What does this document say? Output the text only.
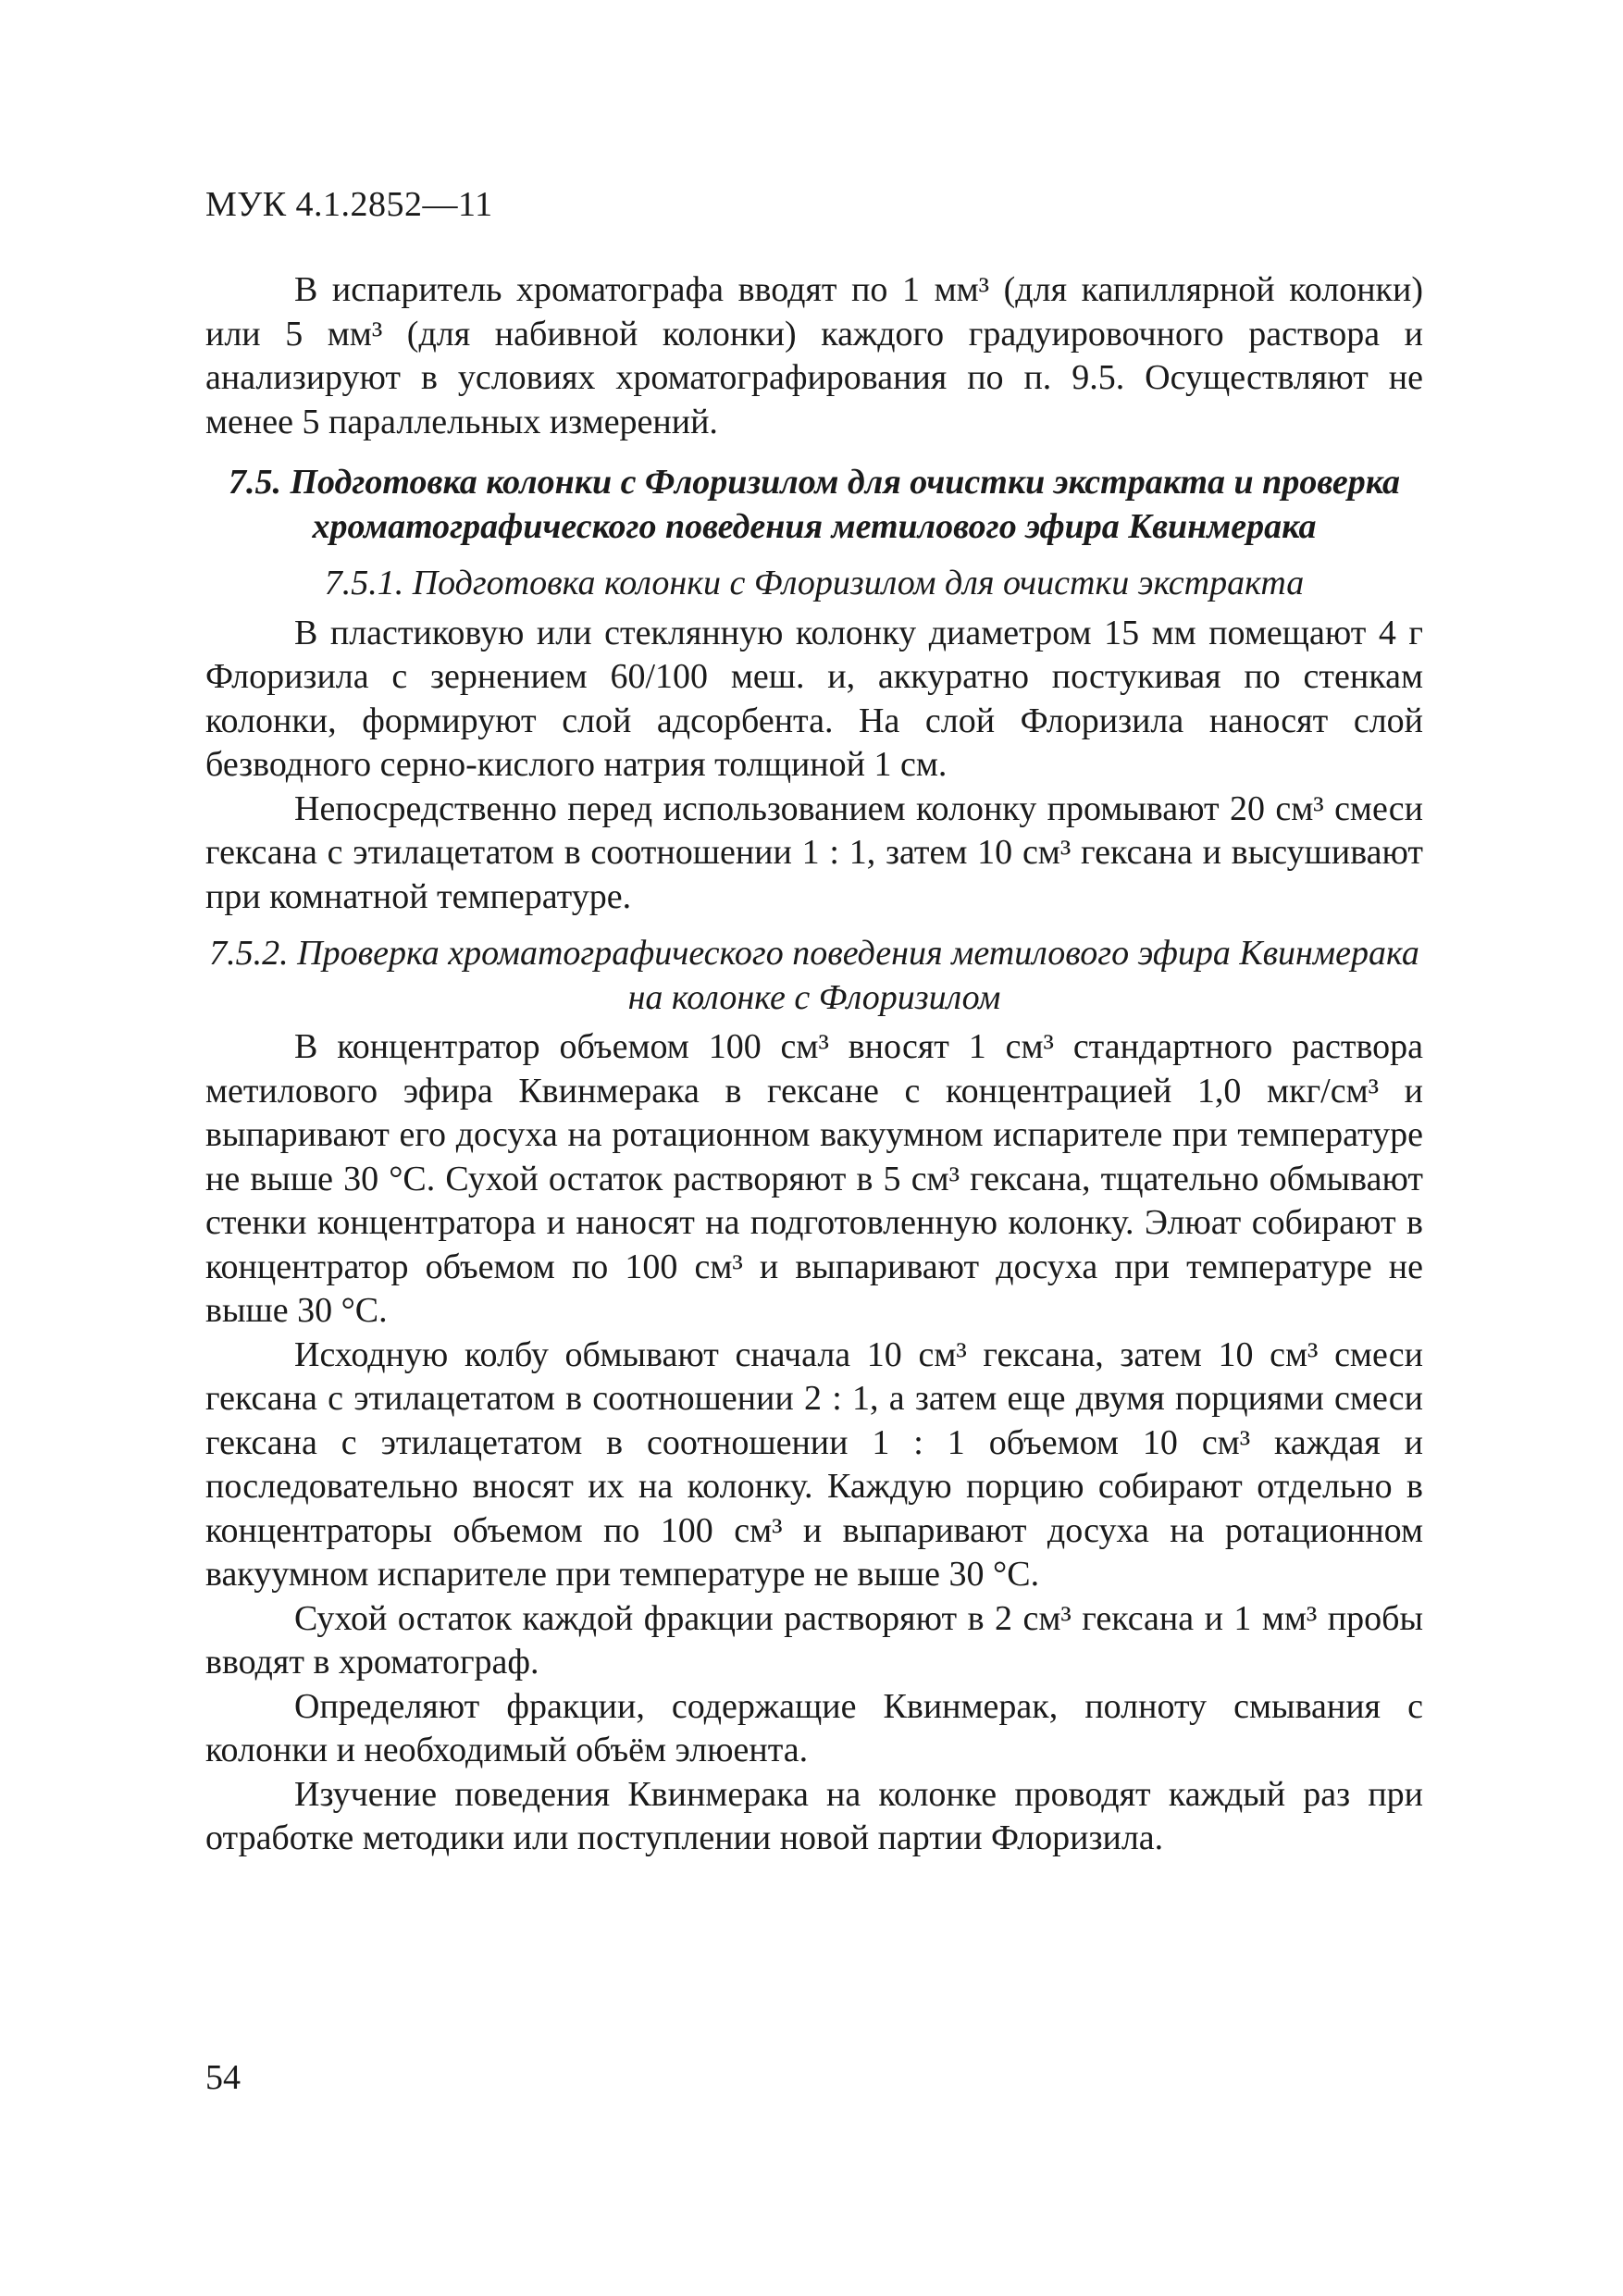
МУК 4.1.2852—11

В испаритель хроматографа вводят по 1 мм³ (для капиллярной колонки) или 5 мм³ (для набивной колонки) каждого градуировочного раствора и анализируют в условиях хроматографирования по п. 9.5. Осуществляют не менее 5 параллельных измерений.

7.5. Подготовка колонки с Флоризилом для очистки экстракта и проверка хроматографического поведения метилового эфира Квинмерака
7.5.1. Подготовка колонки с Флоризилом для очистки экстракта

В пластиковую или стеклянную колонку диаметром 15 мм помещают 4 г Флоризила с зернением 60/100 меш. и, аккуратно постукивая по стенкам колонки, формируют слой адсорбента. На слой Флоризила наносят слой безводного серно-кислого натрия толщиной 1 см.

Непосредственно перед использованием колонку промывают 20 см³ смеси гексана с этилацетатом в соотношении 1 : 1, затем 10 см³ гексана и высушивают при комнатной температуре.

7.5.2. Проверка хроматографического поведения метилового эфира Квинмерака на колонке с Флоризилом

В концентратор объемом 100 см³ вносят 1 см³ стандартного раствора метилового эфира Квинмерака в гексане с концентрацией 1,0 мкг/см³ и выпаривают его досуха на ротационном вакуумном испарителе при температуре не выше 30 °С. Сухой остаток растворяют в 5 см³ гексана, тщательно обмывают стенки концентратора и наносят на подготовленную колонку. Элюат собирают в концентратор объемом по 100 см³ и выпаривают досуха при температуре не выше 30 °С.

Исходную колбу обмывают сначала 10 см³ гексана, затем 10 см³ смеси гексана с этилацетатом в соотношении 2 : 1, а затем еще двумя порциями смеси гексана с этилацетатом в соотношении 1 : 1 объемом 10 см³ каждая и последовательно вносят их на колонку. Каждую порцию собирают отдельно в концентраторы объемом по 100 см³ и выпаривают досуха на ротационном вакуумном испарителе при температуре не выше 30 °С.

Сухой остаток каждой фракции растворяют в 2 см³ гексана и 1 мм³ пробы вводят в хроматограф.

Определяют фракции, содержащие Квинмерак, полноту смывания с колонки и необходимый объём элюента.

Изучение поведения Квинмерака на колонке проводят каждый раз при отработке методики или поступлении новой партии Флоризила.

54
